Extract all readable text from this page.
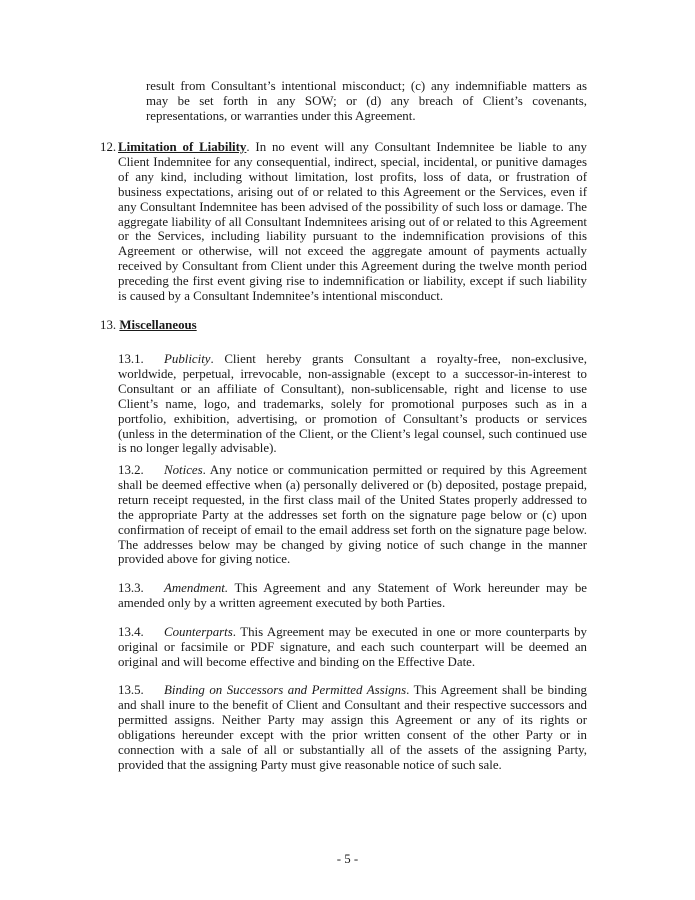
result from Consultant’s intentional misconduct; (c) any indemnifiable matters as may be set forth in any SOW; or (d) any breach of Client’s covenants, representations, or warranties under this Agreement.

12. Limitation of Liability. In no event will any Consultant Indemnitee be liable to any Client Indemnitee for any consequential, indirect, special, incidental, or punitive damages of any kind, including without limitation, lost profits, loss of data, or frustration of business expectations, arising out of or related to this Agreement or the Services, even if any Consultant Indemnitee has been advised of the possibility of such loss or damage. The aggregate liability of all Consultant Indemnitees arising out of or related to this Agreement or the Services, including liability pursuant to the indemnification provisions of this Agreement or otherwise, will not exceed the aggregate amount of payments actually received by Consultant from Client under this Agreement during the twelve month period preceding the first event giving rise to indemnification or liability, except if such liability is caused by a Consultant Indemnitee’s intentional misconduct.

13. Miscellaneous

13.1. Publicity. Client hereby grants Consultant a royalty-free, non-exclusive, worldwide, perpetual, irrevocable, non-assignable (except to a successor-in-interest to Consultant or an affiliate of Consultant), non-sublicensable, right and license to use Client’s name, logo, and trademarks, solely for promotional purposes such as in a portfolio, exhibition, advertising, or promotion of Consultant’s products or services (unless in the determination of the Client, or the Client’s legal counsel, such continued use is no longer legally advisable).

13.2. Notices. Any notice or communication permitted or required by this Agreement shall be deemed effective when (a) personally delivered or (b) deposited, postage prepaid, return receipt requested, in the first class mail of the United States properly addressed to the appropriate Party at the addresses set forth on the signature page below or (c) upon confirmation of receipt of email to the email address set forth on the signature page below. The addresses below may be changed by giving notice of such change in the manner provided above for giving notice.

13.3. Amendment. This Agreement and any Statement of Work hereunder may be amended only by a written agreement executed by both Parties.

13.4. Counterparts. This Agreement may be executed in one or more counterparts by original or facsimile or PDF signature, and each such counterpart will be deemed an original and will become effective and binding on the Effective Date.

13.5. Binding on Successors and Permitted Assigns. This Agreement shall be binding and shall inure to the benefit of Client and Consultant and their respective successors and permitted assigns. Neither Party may assign this Agreement or any of its rights or obligations hereunder except with the prior written consent of the other Party or in connection with a sale of all or substantially all of the assets of the assigning Party, provided that the assigning Party must give reasonable notice of such sale.

- 5 -
